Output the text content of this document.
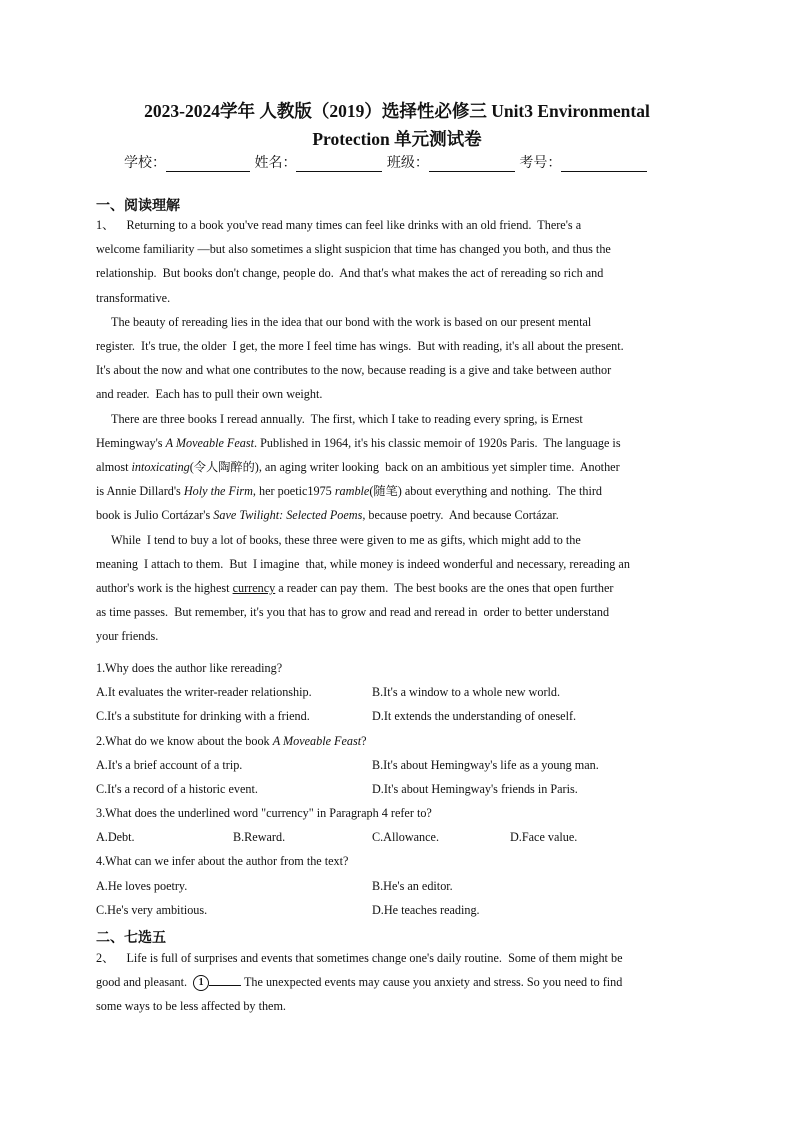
2023-2024学年 人教版（2019）选择性必修三 Unit3 Environmental
Protection 单元测试卷
学校：	姓名：	班级：	考号：
一、阅读理解
1、    Returning to a book you've read many times can feel like drinks with an old friend.  There's a
welcome familiarity —but also sometimes a slight suspicion that time has changed you both, and thus the
relationship.  But books don't change, people do.  And that's what makes the act of rereading so rich and
transformative.
The beauty of rereading lies in the idea that our bond with the work is based on our present mental
register.  It's true, the older  I get, the more I feel time has wings.  But with reading, it's all about the present.
It's about the now and what one contributes to the now, because reading is a give and take between author
and reader.  Each has to pull their own weight.
There are three books I reread annually.  The first, which I take to reading every spring, is Ernest
Hemingway's A Moveable Feast. Published in 1964, it's his classic memoir of 1920s Paris.  The language is
almost intoxicating(令人陶醉的), an aging writer looking  back on an ambitious yet simpler time.  Another
is Annie Dillard's Holy the Firm, her poetic1975 ramble(随笔) about everything and nothing.  The third
book is Julio Cortázar's Save Twilight: Selected Poems, because poetry.  And because Cortázar.
While  I tend to buy a lot of books, these three were given to me as gifts, which might add to the
meaning  I attach to them.  But  I imagine  that, while money is indeed wonderful and necessary, rereading an
author's work is the highest currency a reader can pay them.  The best books are the ones that open further
as time passes.  But remember, it's you that has to grow and read and reread in  order to better understand
your friends.
1.Why does the author like rereading?
A.It evaluates the writer-reader relationship.	B.It's a window to a whole new world.
C.It's a substitute for drinking with a friend.	D.It extends the understanding of oneself.
2.What do we know about the book A Moveable Feast?
A.It's a brief account of a trip.	B.It's about Hemingway's life as a young man.
C.It's a record of a historic event.	D.It's about Hemingway's friends in Paris.
3.What does the underlined word "currency" in Paragraph 4 refer to?
A.Debt.	B.Reward.	C.Allowance.	D.Face value.
4.What can we infer about the author from the text?
A.He loves poetry.	B.He's an editor.
C.He's very ambitious.	D.He teaches reading.
二、七选五
2、    Life is full of surprises and events that sometimes change one's daily routine.  Some of them might be
good and pleasant.  1	The unexpected events may cause you anxiety and stress. So you need to find
some ways to be less affected by them.
